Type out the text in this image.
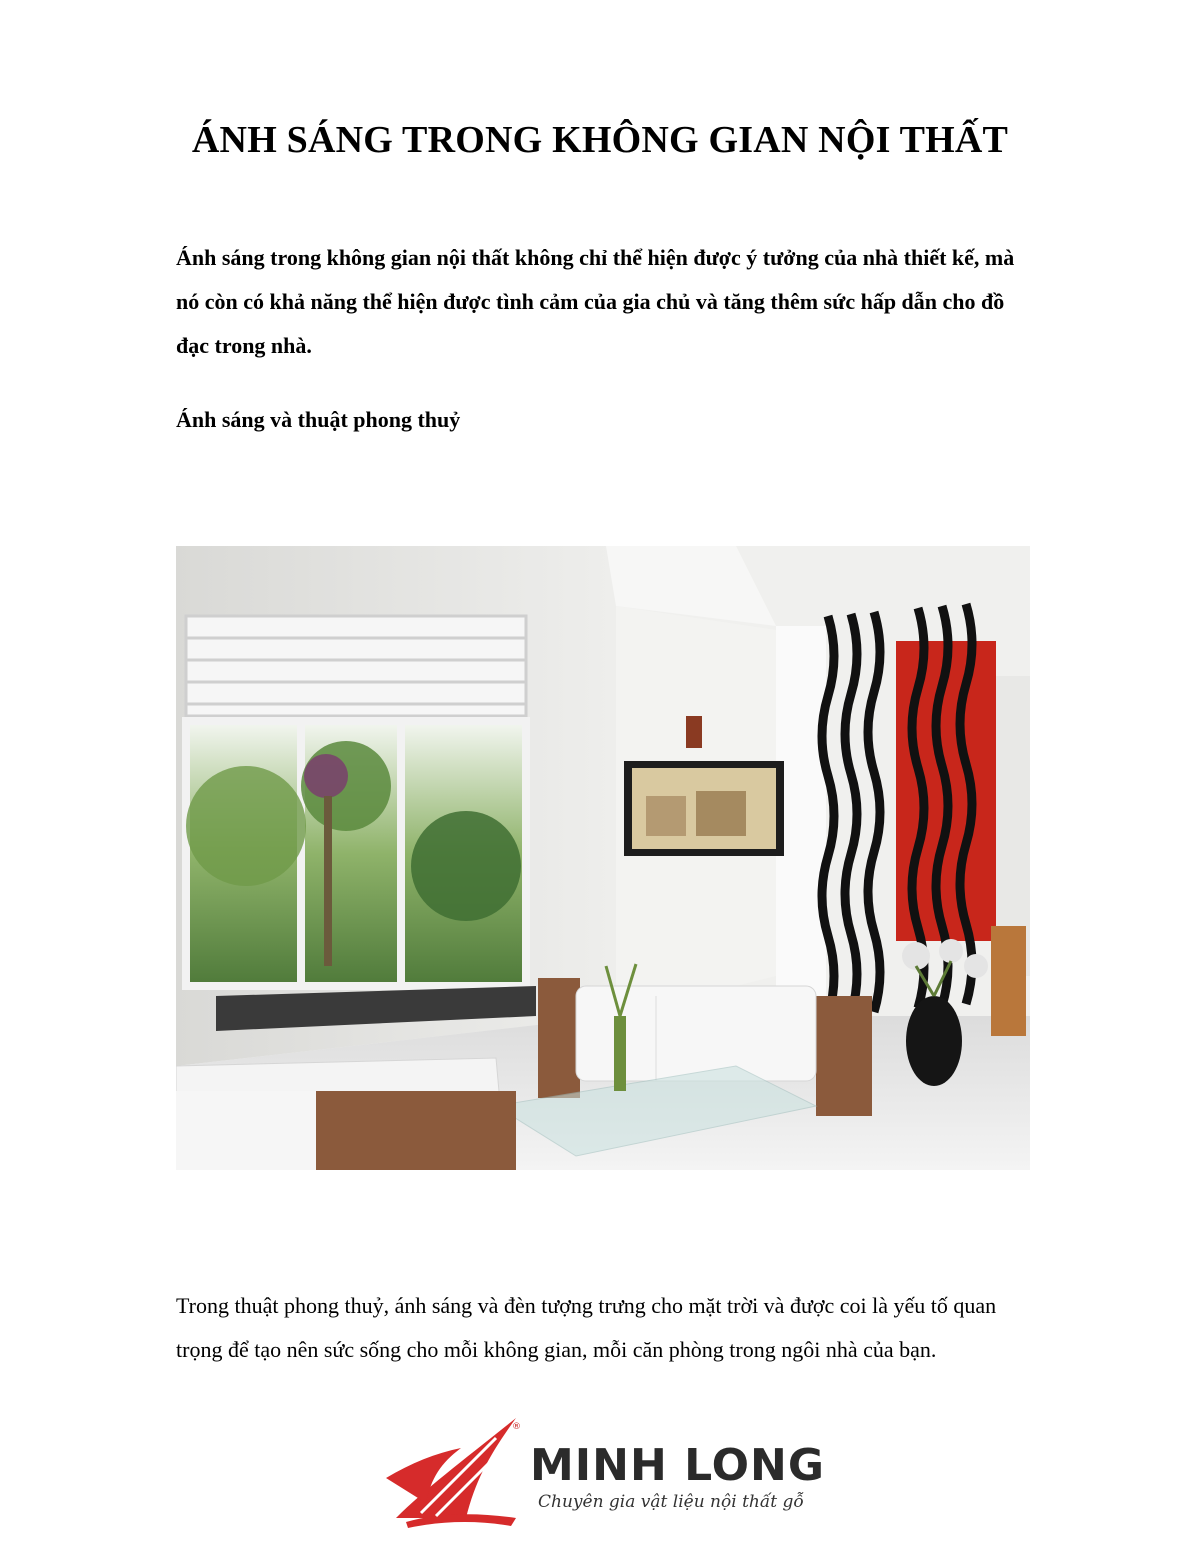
ÁNH SÁNG TRONG KHÔNG GIAN NỘI THẤT
Ánh sáng trong không gian nội thất không chỉ thể hiện được ý tưởng của nhà thiết kế, mà nó còn có khả năng thể hiện được tình cảm của gia chủ và tăng thêm sức hấp dẫn cho đồ đạc trong nhà.
Ánh sáng và thuật phong thuỷ
Trong thuật phong thuỷ, ánh sáng và đèn tượng trưng cho mặt trời và được coi là yếu tố quan trọng để tạo nên sức sống cho mỗi không gian, mỗi căn phòng trong ngôi nhà của bạn.
®
MINH LONG
Chuyên gia vật liệu nội thất gỗ
